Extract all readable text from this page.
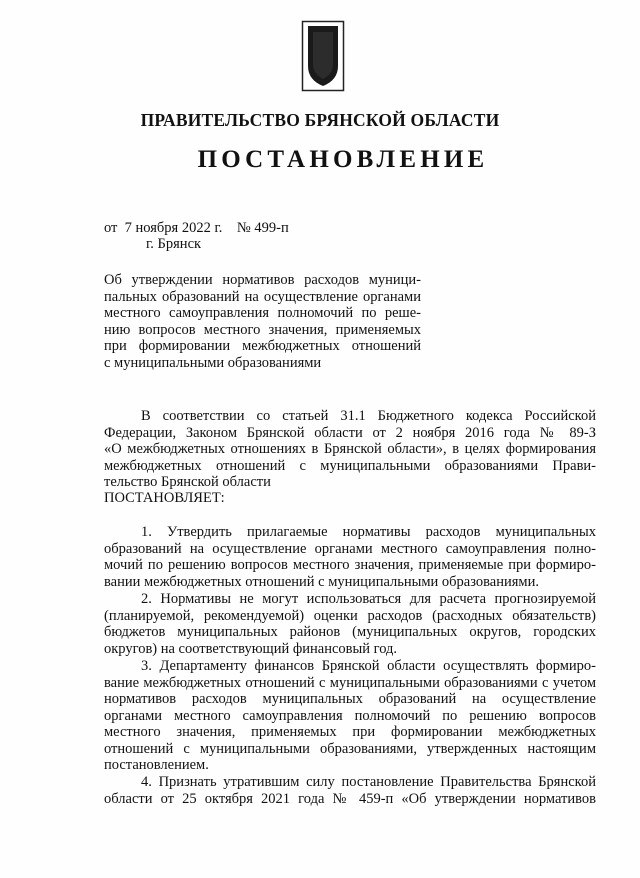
ПРАВИТЕЛЬСТВО БРЯНСКОЙ ОБЛАСТИ
ПОСТАНОВЛЕНИЕ
от  7 ноября 2022 г. № 499-п
г. Брянск
Об утверждении нормативов расходов муници-
пальных образований на осуществление органами
местного самоуправления полномочий по реше-
нию вопросов местного значения, применяемых
при формировании межбюджетных отношений
с муниципальными образованиями
В соответствии со статьей 31.1 Бюджетного кодекса Российской
Федерации, Законом Брянской области от 2 ноября 2016 года № 89-З
«О межбюджетных отношениях в Брянской области», в целях формирования
межбюджетных отношений с муниципальными образованиями Прави-
тельство Брянской области
ПОСТАНОВЛЯЕТ:
1. Утвердить прилагаемые нормативы расходов муниципальных
образований на осуществление органами местного самоуправления полно-
мочий по решению вопросов местного значения, применяемые при формиро-
вании межбюджетных отношений с муниципальными образованиями.
2. Нормативы не могут использоваться для расчета прогнозируемой
(планируемой, рекомендуемой) оценки расходов (расходных обязательств)
бюджетов муниципальных районов (муниципальных округов, городских
округов) на соответствующий финансовый год.
3. Департаменту финансов Брянской области осуществлять формиро-
вание межбюджетных отношений с муниципальными образованиями с учетом
нормативов расходов муниципальных образований на осуществление
органами местного самоуправления полномочий по решению вопросов
местного значения, применяемых при формировании межбюджетных
отношений с муниципальными образованиями, утвержденных настоящим
постановлением.
4. Признать утратившим силу постановление Правительства Брянской
области от 25 октября 2021 года № 459-п «Об утверждении нормативов
